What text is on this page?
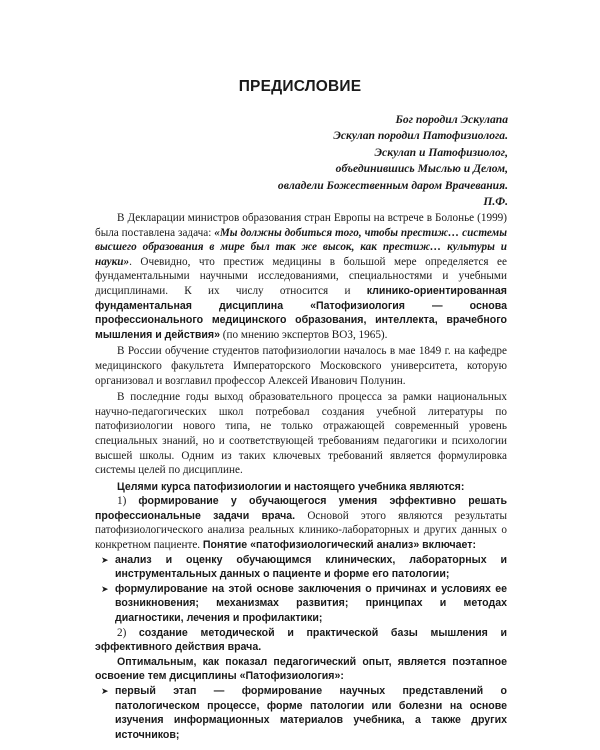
ПРЕДИСЛОВИЕ
Бог породил Эскулапа
Эскулап породил Патофизиолога.
Эскулап и Патофизиолог,
объединившись Мыслью и Делом,
овладели Божественным даром Врачевания.
П.Ф.

В Декларации министров образования стран Европы на встрече в Болонье (1999) была поставлена задача: «Мы должны добиться того, чтобы престиж… системы высшего образования в мире был так же высок, как престиж… культуры и науки». Очевидно, что престиж медицины в большой мере определяется ее фундаментальными научными исследованиями, специальностями и учебными дисциплинами. К их числу относится и клинико-ориентированная фундаментальная дисциплина «Патофизиология — основа профессионального медицинского образования, интеллекта, врачебного мышления и действия» (по мнению экспертов ВОЗ, 1965).

В России обучение студентов патофизиологии началось в мае 1849 г. на кафедре медицинского факультета Императорского Московского университета, которую организовал и возглавил профессор Алексей Иванович Полунин.

В последние годы выход образовательного процесса за рамки национальных научно-педагогических школ потребовал создания учебной литературы по патофизиологии нового типа, не только отражающей современный уровень специальных знаний, но и соответствующей требованиям педагогики и психологии высшей школы. Одним из таких ключевых требований является формулировка системы целей по дисциплине.

Целями курса патофизиологии и настоящего учебника являются:

1) формирование у обучающегося умения эффективно решать профессиональные задачи врача. Основой этого являются результаты патофизиологического анализа реальных клинико-лабораторных и других данных о конкретном пациенте. Понятие «патофизиологический анализ» включает:

➤ анализ и оценку обучающимся клинических, лабораторных и инструментальных данных о пациенте и форме его патологии;
➤ формулирование на этой основе заключения о причинах и условиях ее возникновения; механизмах развития; принципах и методах диагностики, лечения и профилактики;

2) создание методической и практической базы мышления и эффективного действия врача.

Оптимальным, как показал педагогический опыт, является поэтапное освоение тем дисциплины «Патофизиология»:

➤ первый этап — формирование научных представлений о патологическом процессе, форме патологии или болезни на основе изучения информационных материалов учебника, а также других источников;
